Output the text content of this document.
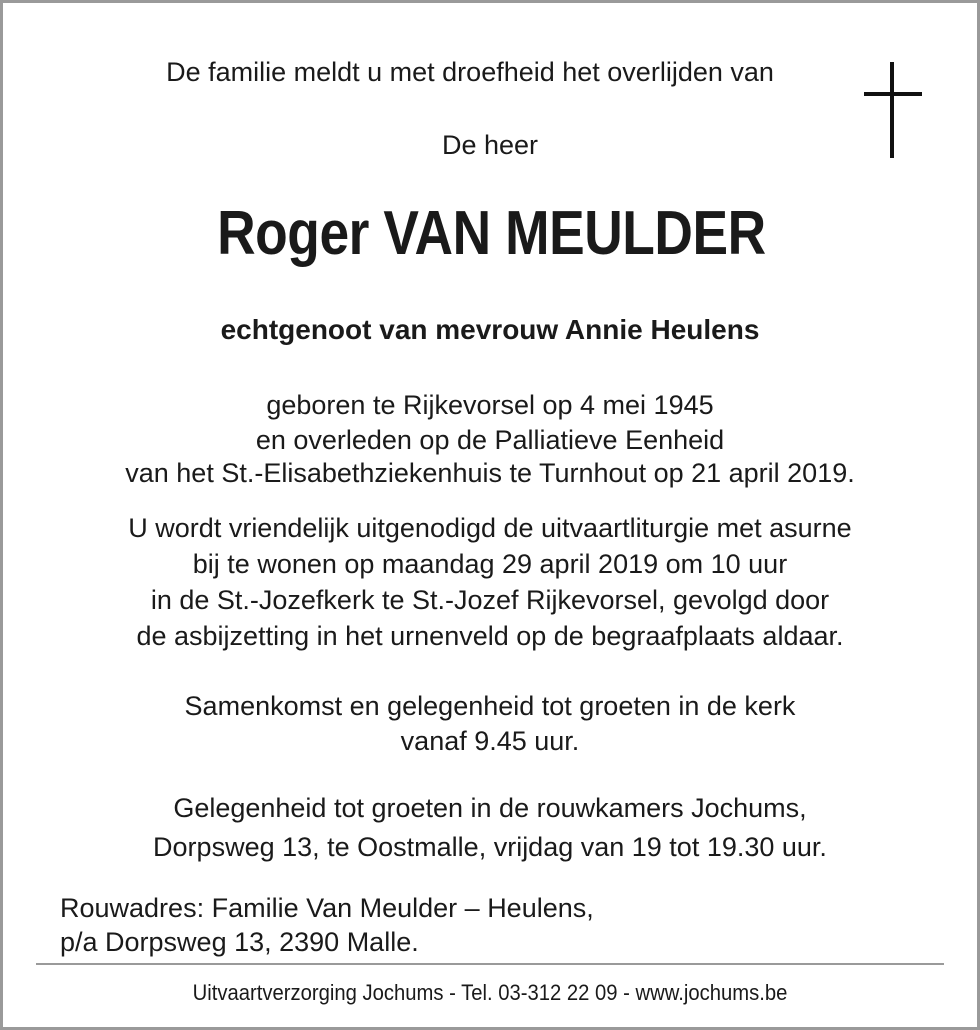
De familie meldt u met droefheid het overlijden van
De heer
Roger VAN MEULDER
echtgenoot van mevrouw Annie Heulens
geboren te Rijkevorsel op 4 mei 1945
en overleden op de Palliatieve Eenheid
van het St.-Elisabethziekenhuis te Turnhout op 21 april 2019.
U wordt vriendelijk uitgenodigd de uitvaartliturgie met asurne
bij te wonen op maandag 29 april 2019 om 10 uur
in de St.-Jozefkerk te St.-Jozef Rijkevorsel, gevolgd door
de asbijzetting in het urnenveld op de begraafplaats aldaar.
Samenkomst en gelegenheid tot groeten in de kerk
vanaf 9.45 uur.
Gelegenheid tot groeten in de rouwkamers Jochums,
Dorpsweg 13, te Oostmalle, vrijdag van 19 tot 19.30 uur.
Rouwadres: Familie Van Meulder – Heulens,
p/a Dorpsweg 13, 2390 Malle.
Uitvaartverzorging Jochums - Tel. 03-312 22 09 - www.jochums.be
